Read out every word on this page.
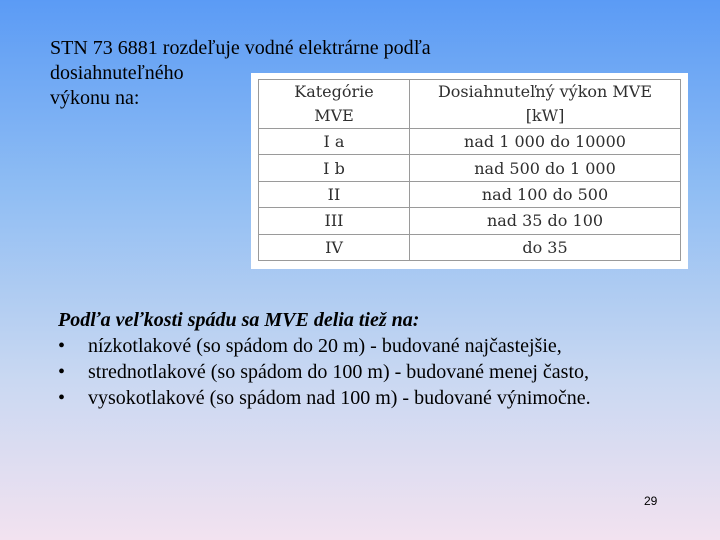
STN 73 6881 rozdeľuje vodné elektrárne podľa
dosiahnuteľného
výkonu na:	Kategórie
MVE	Dosiahnuteľný výkon MVE
[kW]
I a	nad 1 000 do 10000
I b	nad 500 do 1 000
II	nad 100 do 500
III	nad 35 do 100
IV	do 35
Podľa veľkosti spádu sa MVE delia tiež na:
• nízkotlakové (so spádom do 20 m) - budované najčastejšie,
• strednotlakové (so spádom do 100 m) - budované menej často,
• vysokotlakové (so spádom nad 100 m) - budované výnimočne.
29
